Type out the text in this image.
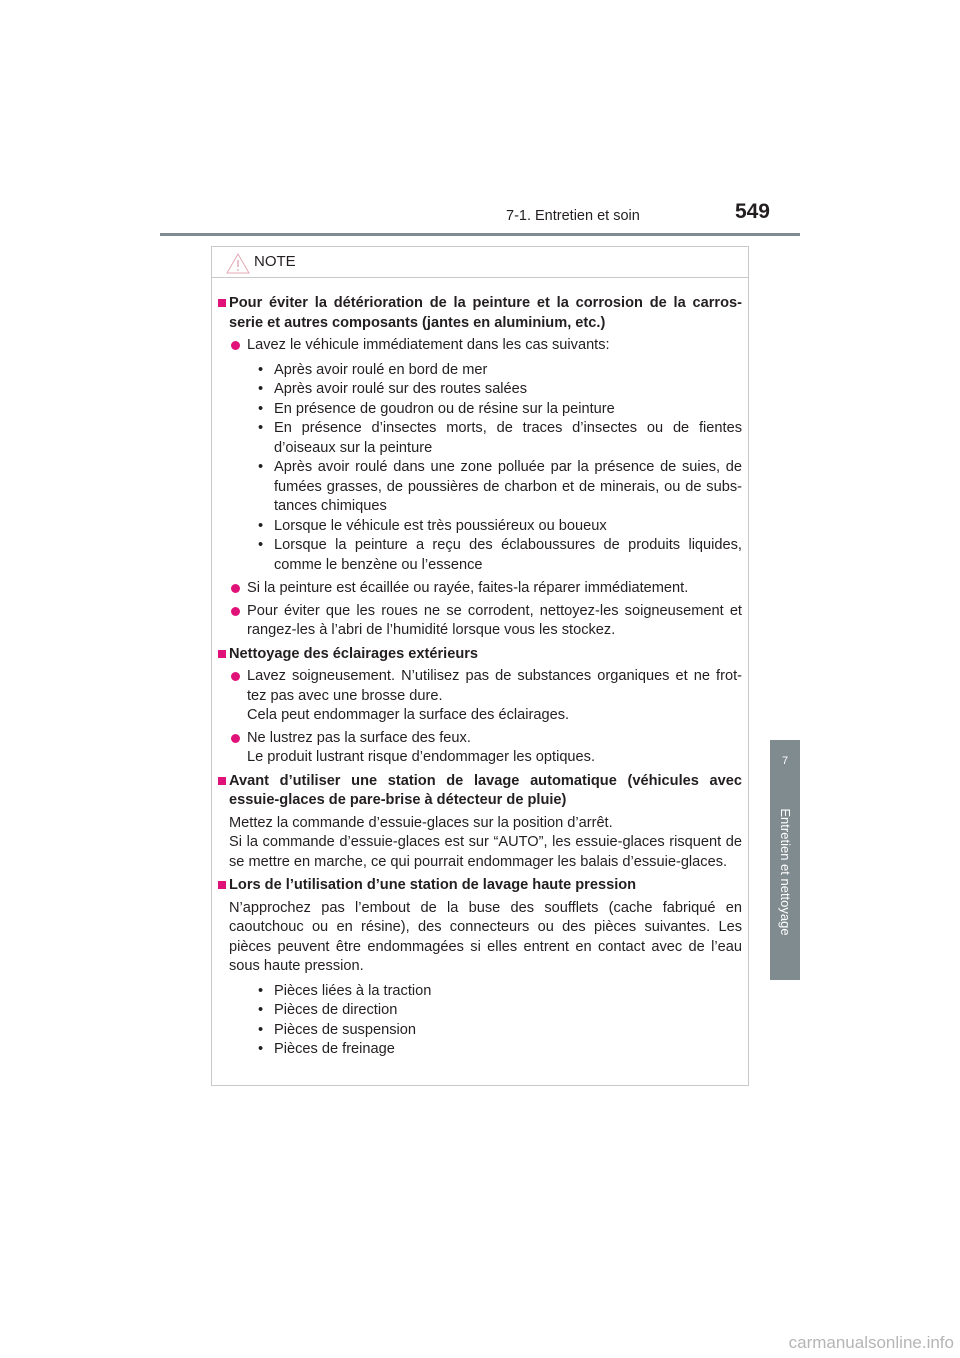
7-1. Entretien et soin	549
7
Entretien et nettoyage
NOTE
Pour éviter la détérioration de la peinture et la corrosion de la carros-serie et autres composants (jantes en aluminium, etc.)
Lavez le véhicule immédiatement dans les cas suivants:
• Après avoir roulé en bord de mer
• Après avoir roulé sur des routes salées
• En présence de goudron ou de résine sur la peinture
• En présence d’insectes morts, de traces d’insectes ou de fientes d’oiseaux sur la peinture
• Après avoir roulé dans une zone polluée par la présence de suies, de fumées grasses, de poussières de charbon et de minerais, ou de subs-tances chimiques
• Lorsque le véhicule est très poussiéreux ou boueux
• Lorsque la peinture a reçu des éclaboussures de produits liquides, comme le benzène ou l’essence
Si la peinture est écaillée ou rayée, faites-la réparer immédiatement.
Pour éviter que les roues ne se corrodent, nettoyez-les soigneusement et rangez-les à l’abri de l’humidité lorsque vous les stockez.
Nettoyage des éclairages extérieurs
Lavez soigneusement. N’utilisez pas de substances organiques et ne frot-tez pas avec une brosse dure.
Cela peut endommager la surface des éclairages.
Ne lustrez pas la surface des feux.
Le produit lustrant risque d’endommager les optiques.
Avant d’utiliser une station de lavage automatique (véhicules avec essuie-glaces de pare-brise à détecteur de pluie)
Mettez la commande d’essuie-glaces sur la position d’arrêt.
Si la commande d’essuie-glaces est sur “AUTO”, les essuie-glaces risquent de se mettre en marche, ce qui pourrait endommager les balais d’essuie-glaces.
Lors de l’utilisation d’une station de lavage haute pression
N’approchez pas l’embout de la buse des soufflets (cache fabriqué en caoutchouc ou en résine), des connecteurs ou des pièces suivantes. Les pièces peuvent être endommagées si elles entrent en contact avec de l’eau sous haute pression.
• Pièces liées à la traction
• Pièces de direction
• Pièces de suspension
• Pièces de freinage
carmanualsonline.info
